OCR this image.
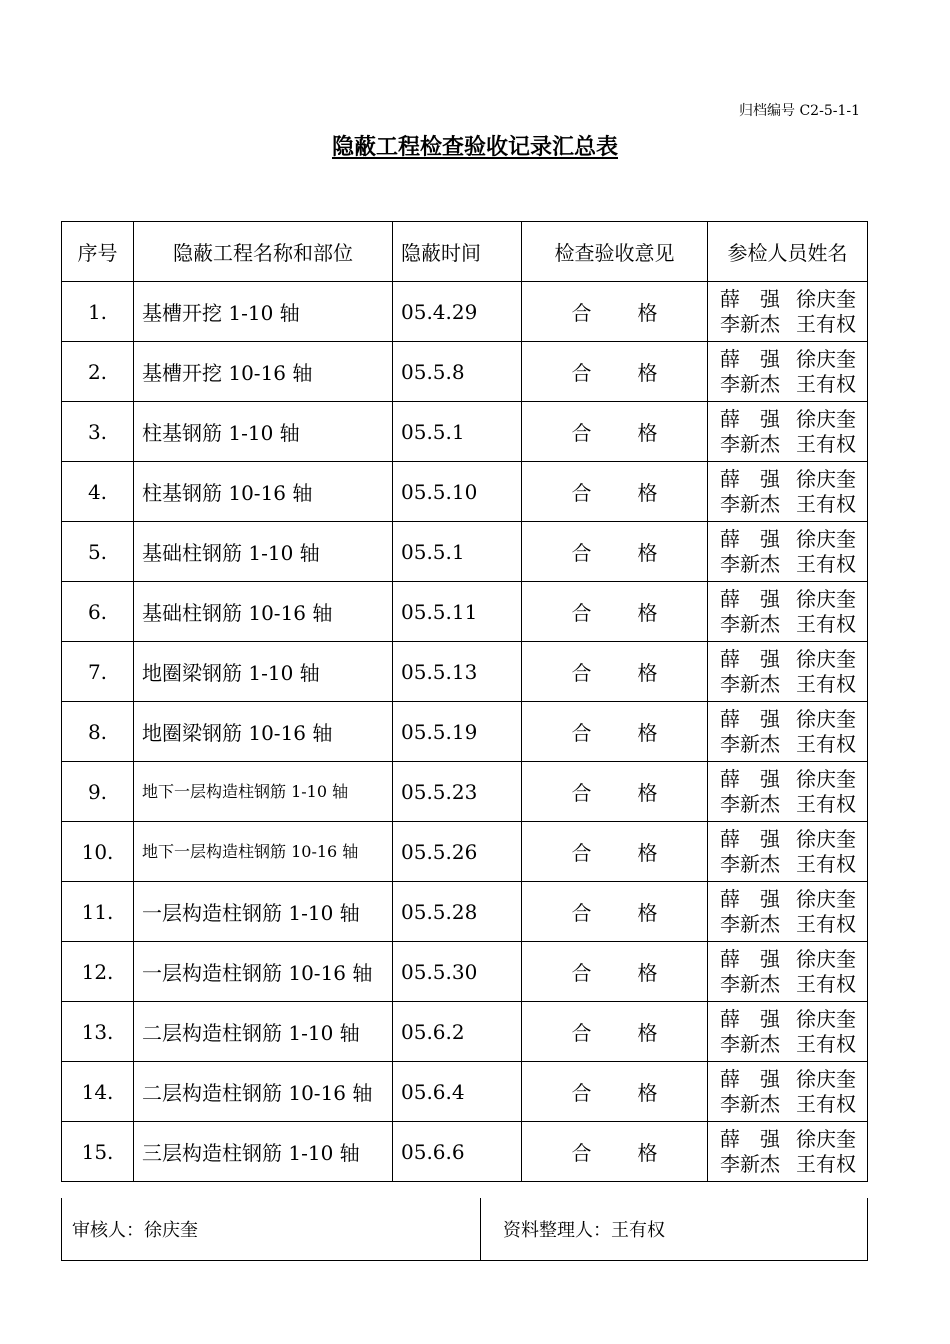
归档编号 C2-5-1-1
隐蔽工程检查验收记录汇总表
序号	隐蔽工程名称和部位	隐蔽时间	检查验收意见	参检人员姓名
1.	基槽开挖 1-10 轴	05.4.29	合 格	薛　强 徐庆奎
李新杰 王有权

2.	基槽开挖 10-16 轴	05.5.8	合 格	薛　强 徐庆奎
李新杰 王有权

3.	柱基钢筋 1-10 轴	05.5.1	合 格	薛　强 徐庆奎
李新杰 王有权

4.	柱基钢筋 10-16 轴	05.5.10	合 格	薛　强 徐庆奎
李新杰 王有权

5.	基础柱钢筋 1-10 轴	05.5.1	合 格	薛　强 徐庆奎
李新杰 王有权

6.	基础柱钢筋 10-16 轴	05.5.11	合 格	薛　强 徐庆奎
李新杰 王有权

7.	地圈梁钢筋 1-10 轴	05.5.13	合 格	薛　强 徐庆奎
李新杰 王有权

8.	地圈梁钢筋 10-16 轴	05.5.19	合 格	薛　强 徐庆奎
李新杰 王有权

9.	地下一层构造柱钢筋 1-10 轴	05.5.23	合 格	薛　强 徐庆奎
李新杰 王有权

10.	地下一层构造柱钢筋 10-16 轴	05.5.26	合 格	薛　强 徐庆奎
李新杰 王有权

11.	一层构造柱钢筋 1-10 轴	05.5.28	合 格	薛　强 徐庆奎
李新杰 王有权

12.	一层构造柱钢筋 10-16 轴	05.5.30	合 格	薛　强 徐庆奎
李新杰 王有权

13.	二层构造柱钢筋 1-10 轴	05.6.2	合 格	薛　强 徐庆奎
李新杰 王有权

14.	二层构造柱钢筋 10-16 轴	05.6.4	合 格	薛　强 徐庆奎
李新杰 王有权

15.	三层构造柱钢筋 1-10 轴	05.6.6	合 格	薛　强 徐庆奎
李新杰 王有权
审核人：徐庆奎	资料整理人：王有权
